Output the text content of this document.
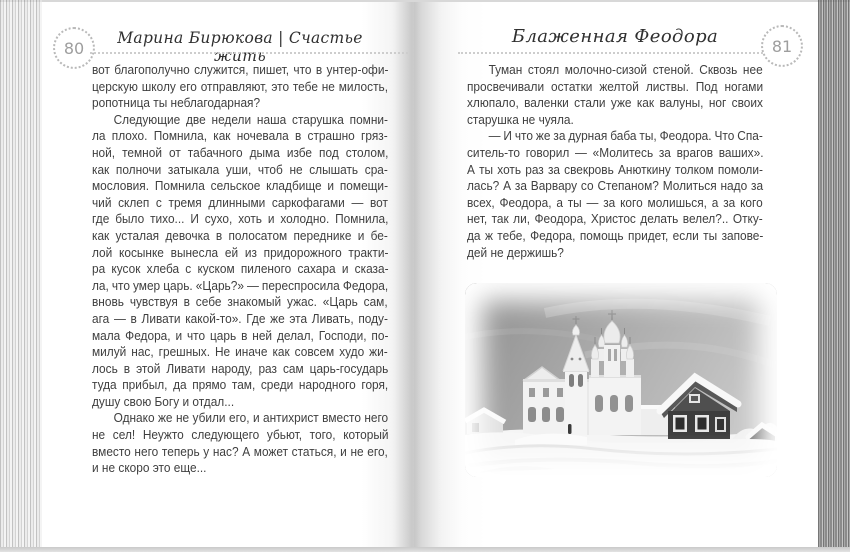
80
Марина Бирюкова | Счастье жить
81
Блаженная Феодора
вот благополучно служится, пишет, что в унтер-офи-
церскую школу его отправляют, это тебе не милость,
ропотница ты неблагодарная?
Следующие две недели наша старушка помни-
ла плохо. Помнила, как ночевала в страшно гряз-
ной, темной от табачного дыма избе под столом,
как полночи затыкала уши, чтоб не слышать сра-
мословия. Помнила сельское кладбище и помещи-
чий склеп с тремя длинными саркофагами — вот
где было тихо... И сухо, хоть и холодно. Помнила,
как усталая девочка в полосатом переднике и бе-
лой косынке вынесла ей из придорожного тракти-
ра кусок хлеба с куском пиленого сахара и сказа-
ла, что умер царь. «Царь?» — переспросила Федора,
вновь чувствуя в себе знакомый ужас. «Царь сам,
ага — в Ливати какой-то». Где же эта Ливать, поду-
мала Федора, и что царь в ней делал, Господи, по-
милуй нас, грешных. Не иначе как совсем худо жи-
лось в этой Ливати народу, раз сам царь-государь
туда прибыл, да прямо там, среди народного горя,
душу свою Богу и отдал...
Однако же не убили его, и антихрист вместо него
не сел! Неужто следующего убьют, того, который
вместо него теперь у нас? А может статься, и не его,
и не скоро это еще...
Туман стоял молочно-сизой стеной. Сквозь нее
просвечивали остатки желтой листвы. Под ногами
хлюпало, валенки стали уже как валуны, ног своих
старушка не чуяла.
— И что же за дурная баба ты, Феодора. Что Спа-
ситель-то говорил — «Молитесь за врагов ваших».
А ты хоть раз за свекровь Анюткину толком помоли-
лась? А за Варвару со Степаном? Молиться надо за
всех, Феодора, а ты — за кого молишься, а за кого
нет, так ли, Феодора, Христос делать велел?.. Отку-
да ж тебе, Федора, помощь придет, если ты запове-
дей не держишь?
